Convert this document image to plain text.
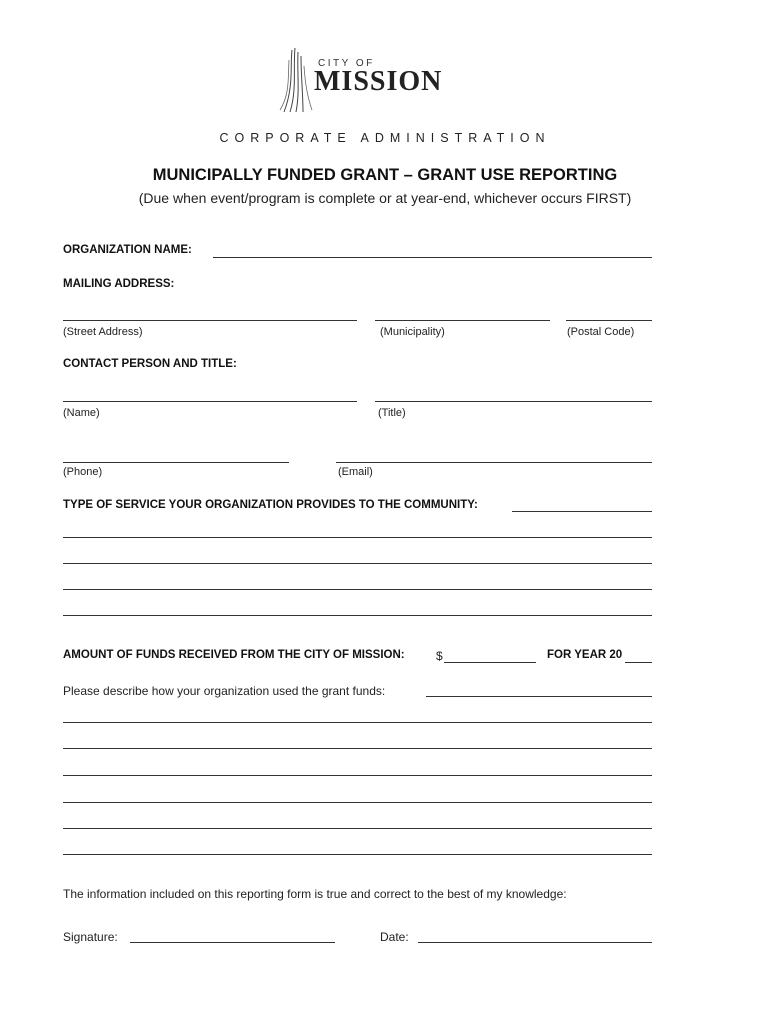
CITY OF
MISSION
CORPORATE ADMINISTRATION
MUNICIPALLY FUNDED GRANT – GRANT USE REPORTING
(Due when event/program is complete or at year-end, whichever occurs FIRST)
ORGANIZATION NAME:
MAILING ADDRESS:
(Street Address)	(Municipality)	(Postal Code)
CONTACT PERSON AND TITLE:
(Name)	(Title)
(Phone)	(Email)
TYPE OF SERVICE YOUR ORGANIZATION PROVIDES TO THE COMMUNITY:
AMOUNT OF FUNDS RECEIVED FROM THE CITY OF MISSION:	$	FOR YEAR 20
Please describe how your organization used the grant funds:
The information included on this reporting form is true and correct to the best of my knowledge:
Signature:	Date:
